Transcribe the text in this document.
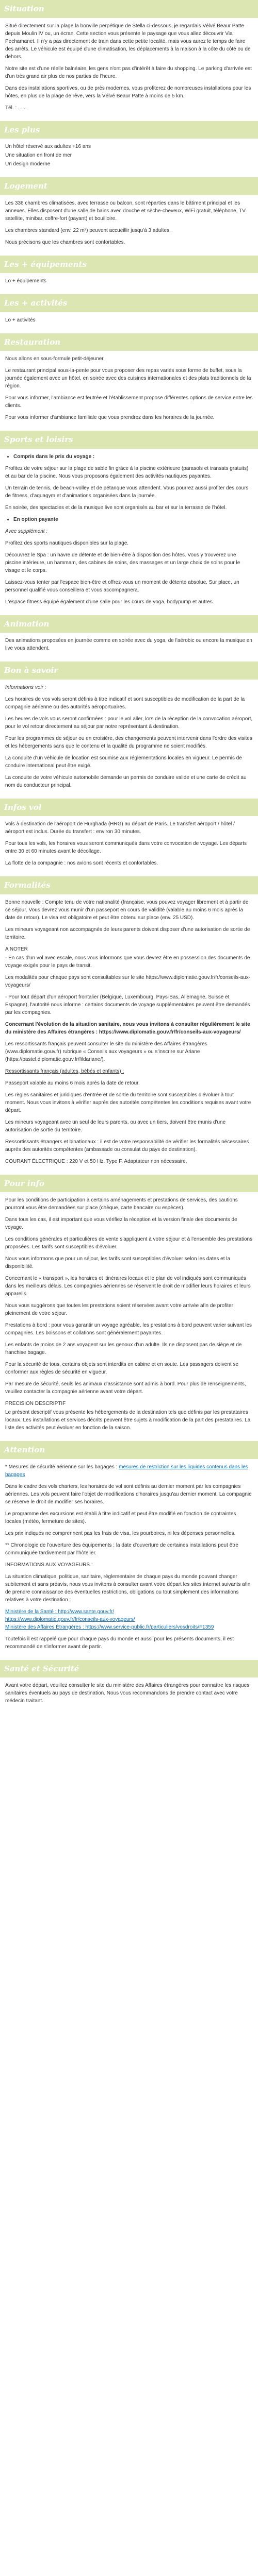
Situation

Situé directement sur la plage la bonville perpétique de Stella ci-dessous, je regardais Vélvé Beaur Patte depuis Moulin IV ou, un écran. Cette section vous présente le paysage que vous allez découvrir Via Pechamanet. Il n'y a pas directement de train dans cette petite localité, mais vous aurez le temps de faire des arrêts. Le véhicule est équipé d'une climatisation, les déplacements à la maison à la côte du côté ou de dehors.

Notre site est d'une réelle balnéaire, les gens n'ont pas d'intérêt à faire du shopping. Le parking d'arrivée est d'un très grand air plus de nos parties de l'heure.

Dans des installations sportives, ou de près modernes, vous profiterez de nombreuses installations pour les hôtes, en plus de la plage de rêve, vers la Vélvé Beaur Patte à moins de 5 km.

Tél. : ......

Les plus

Un hôtel réservé aux adultes +16 ans

Une situation en front de mer

Un design moderne

Logement

Les 336 chambres climatisées, avec terrasse ou balcon, sont réparties dans le bâtiment principal et les annexes. Elles disposent d'une salle de bains avec douche et sèche-cheveux, WiFi gratuit, téléphone, TV satellite, minibar, coffre-fort (payant) et bouilloire.

Les chambres standard (env. 22 m²) peuvent accueillir jusqu'à 3 adultes.

Nous précisons que les chambres sont confortables.

Les + équipements

Lo + équipements

Les + activités

Lo + activités

Restauration

Nous allons en sous-formule petit-déjeuner.

Le restaurant principal sous-la-pente pour vous proposer des repas variés sous forme de buffet, sous la journée également avec un hôtel, en soirée avec des cuisines internationales et des plats traditionnels de la région.

Pour vous informer, l'ambiance est feutrée et l'établissement propose différentes options de service entre les clients.

Pour vous informer d'ambiance familiale que vous prendrez dans les horaires de la journée.

Sports et loisirs
• Compris dans le prix du voyage :

Profitez de votre séjour sur la plage de sable fin grâce à la piscine extérieure (parasols et transats gratuits) et au bar de la piscine. Nous vous proposons également des activités nautiques payantes.

Un terrain de tennis, de beach-volley et de pétanque vous attendent. Vous pourrez aussi profiter des cours de fitness, d'aquagym et d'animations organisées dans la journée.

En soirée, des spectacles et de la musique live sont organisés au bar et sur la terrasse de l'hôtel.

• En option payante

Avec supplément :

Profitez des sports nautiques disponibles sur la plage.

Découvrez le Spa : un havre de détente et de bien-être à disposition des hôtes. Vous y trouverez une piscine intérieure, un hammam, des cabines de soins, des massages et un large choix de soins pour le visage et le corps.

Laissez-vous tenter par l'espace bien-être et offrez-vous un moment de détente absolue. Sur place, un personnel qualifié vous conseillera et vous accompagnera.

L'espace fitness équipé également d'une salle pour les cours de yoga, bodypump et autres.

Animation

Des animations proposées en journée comme en soirée avec du yoga, de l'aérobic ou encore la musique en live vous attendent.

Bon à savoir

Informations voir :

Les horaires de vos vols seront définis à titre indicatif et sont susceptibles de modification de la part de la compagnie aérienne ou des autorités aéroportuaires.

Les heures de vols vous seront confirmées : pour le vol aller, lors de la réception de la convocation aéroport, pour le vol retour directement au séjour par notre représentant à destination.

Pour les programmes de séjour ou en croisière, des changements peuvent intervenir dans l'ordre des visites et les hébergements sans que le contenu et la qualité du programme ne soient modifiés.

La conduite d'un véhicule de location est soumise aux réglementations locales en vigueur. Le permis de conduire international peut être exigé.

La conduite de votre véhicule automobile demande un permis de conduire valide et une carte de crédit au nom du conducteur principal.

Infos vol

Vols à destination de l'aéroport de Hurghada (HRG) au départ de Paris. Le transfert aéroport / hôtel / aéroport est inclus. Durée du transfert : environ 30 minutes.

Pour tous les vols, les horaires vous seront communiqués dans votre convocation de voyage. Les départs entre 30 et 60 minutes avant le décollage.

La flotte de la compagnie : nos avions sont récents et confortables.

Formalités

Bonne nouvelle : Compte tenu de votre nationalité (française, vous pouvez voyager librement et à partir de ce séjour. Vous devrez vous munir d'un passeport en cours de validité (valable au moins 6 mois après la date de retour). Le visa est obligatoire et peut être obtenu sur place (env. 25 USD).

Les mineurs voyageant non accompagnés de leurs parents doivent disposer d'une autorisation de sortie de territoire.

A NOTER

- En cas d'un vol avec escale, nous vous informons que vous devrez être en possession des documents de voyage exigés pour le pays de transit.

Les modalités pour chaque pays sont consultables sur le site https://www.diplomatie.gouv.fr/fr/conseils-aux-voyageurs/

- Pour tout départ d'un aéroport frontalier (Belgique, Luxembourg, Pays-Bas, Allemagne, Suisse et Espagne), l'autorité nous informe : certains documents de voyage supplémentaires peuvent être demandés par les compagnies.

Concernant l'évolution de la situation sanitaire, nous vous invitons à consulter régulièrement le site du ministère des Affaires étrangères : https://www.diplomatie.gouv.fr/fr/conseils-aux-voyageurs/

Les ressortissants français peuvent consulter le site du ministère des Affaires étrangères (www.diplomatie.gouv.fr) rubrique « Conseils aux voyageurs » ou s'inscrire sur Ariane (https://pastel.diplomatie.gouv.fr/fildariane/).

Ressortissants français (adultes, bébés et enfants) :

Passeport valable au moins 6 mois après la date de retour.

Les règles sanitaires et juridiques d'entrée et de sortie du territoire sont susceptibles d'évoluer à tout moment. Nous vous invitons à vérifier auprès des autorités compétentes les conditions requises avant votre départ.

Les mineurs voyageant avec un seul de leurs parents, ou avec un tiers, doivent être munis d'une autorisation de sortie du territoire.

Ressortissants étrangers et binationaux : il est de votre responsabilité de vérifier les formalités nécessaires auprès des autorités compétentes (ambassade ou consulat du pays de destination).

COURANT ÉLECTRIQUE : 220 V et 50 Hz. Type F. Adaptateur non nécessaire.

Pour info

Pour les conditions de participation à certains aménagements et prestations de services, des cautions pourront vous être demandées sur place (chèque, carte bancaire ou espèces).

Dans tous les cas, il est important que vous vérifiez la réception et la version finale des documents de voyage.

Les conditions générales et particulières de vente s'appliquent à votre séjour et à l'ensemble des prestations proposées. Les tarifs sont susceptibles d'évoluer.

Nous vous informons que pour un séjour, les tarifs sont susceptibles d'évoluer selon les dates et la disponibilité.

Concernant le « transport », les horaires et itinéraires locaux et le plan de vol indiqués sont communiqués dans les meilleurs délais. Les compagnies aériennes se réservent le droit de modifier leurs horaires et leurs appareils.

Nous vous suggérons que toutes les prestations soient réservées avant votre arrivée afin de profiter pleinement de votre séjour.

Prestations à bord : pour vous garantir un voyage agréable, les prestations à bord peuvent varier suivant les compagnies. Les boissons et collations sont généralement payantes.

Les enfants de moins de 2 ans voyagent sur les genoux d'un adulte. Ils ne disposent pas de siège et de franchise bagage.

Pour la sécurité de tous, certains objets sont interdits en cabine et en soute. Les passagers doivent se conformer aux règles de sécurité en vigueur.

Par mesure de sécurité, seuls les animaux d'assistance sont admis à bord. Pour plus de renseignements, veuillez contacter la compagnie aérienne avant votre départ.

PRECISION DESCRIPTIF

Le présent descriptif vous présente les hébergements de la destination tels que définis par les prestataires locaux. Les installations et services décrits peuvent être sujets à modification de la part des prestataires. La liste des activités peut évoluer en fonction de la saison.

Attention

* Mesures de sécurité aérienne sur les bagages : mesures de restriction sur les liquides contenus dans les bagages

Dans le cadre des vols charters, les horaires de vol sont définis au dernier moment par les compagnies aériennes. Les vols peuvent faire l'objet de modifications d'horaires jusqu'au dernier moment. La compagnie se réserve le droit de modifier ses horaires.

Le programme des excursions est établi à titre indicatif et peut être modifié en fonction de contraintes locales (météo, fermeture de sites).

Les prix indiqués ne comprennent pas les frais de visa, les pourboires, ni les dépenses personnelles.

** Chronologie de l'ouverture des équipements : la date d'ouverture de certaines installations peut être communiquée tardivement par l'hôtelier.

INFORMATIONS AUX VOYAGEURS :

La situation climatique, politique, sanitaire, réglementaire de chaque pays du monde pouvant changer subitement et sans préavis, nous vous invitons à consulter avant votre départ les sites internet suivants afin de prendre connaissance des éventuelles restrictions, obligations ou tout simplement des informations relatives à votre destination :

Ministère de la Santé : http://www.sante.gouv.fr/
https://www.diplomatie.gouv.fr/fr/conseils-aux-voyageurs/
Ministère des Affaires Étrangères : https://www.service-public.fr/particuliers/vosdroits/F1359

Toutefois il est rappelé que pour chaque pays du monde et aussi pour les présents documents, il est recommandé de s'informer avant de partir.

Santé et Sécurité

Avant votre départ, veuillez consulter le site du ministère des Affaires étrangères pour connaître les risques sanitaires éventuels au pays de destination. Nous vous recommandons de prendre contact avec votre médecin traitant.
